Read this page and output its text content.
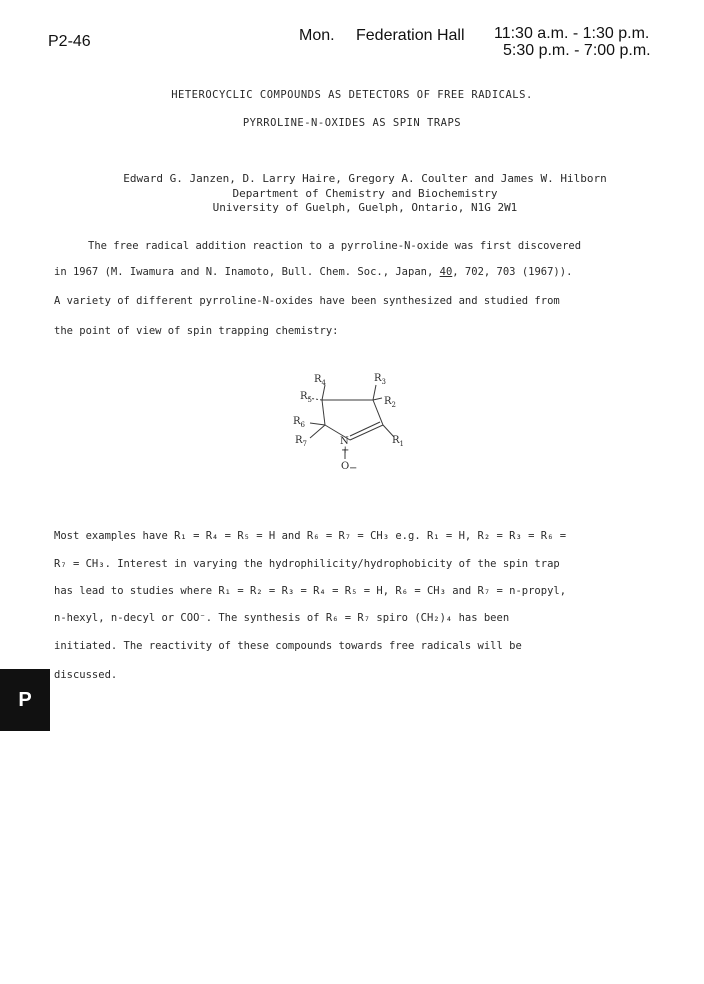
P2-46	Mon. Federation Hall 11:30 a.m. - 1:30 p.m.
5:30 p.m. - 7:00 p.m.
HETEROCYCLIC COMPOUNDS AS DETECTORS OF FREE RADICALS.
PYRROLINE-N-OXIDES AS SPIN TRAPS
Edward G. Janzen, D. Larry Haire, Gregory A. Coulter and James W. Hilborn
Department of Chemistry and Biochemistry
University of Guelph, Guelph, Ontario, N1G 2W1
The free radical addition reaction to a pyrroline-N-oxide was first discovered
in 1967 (M. Iwamura and N. Inamoto, Bull. Chem. Soc., Japan, 40, 702, 703 (1967)).
A variety of different pyrroline-N-oxides have been synthesized and studied from
the point of view of spin trapping chemistry:
$R_4$	$R_3$
$R_5$	$R_2$
$R_6$
$R_7$	$R_1$
N
+
O −
Most examples have R₁ = R₄ = R₅ = H and R₆ = R₇ = CH₃ e.g. R₁ = H, R₂ = R₃ = R₆ =
R₇ = CH₃. Interest in varying the hydrophilicity/hydrophobicity of the spin trap
has lead to studies where R₁ = R₂ = R₃ = R₄ = R₅ = H, R₆ = CH₃ and R₇ = n-propyl,
n-hexyl, n-decyl or COO⁻. The synthesis of R₆ = R₇ spiro (CH₂)₄ has been
initiated. The reactivity of these compounds towards free radicals will be
discussed.
P
